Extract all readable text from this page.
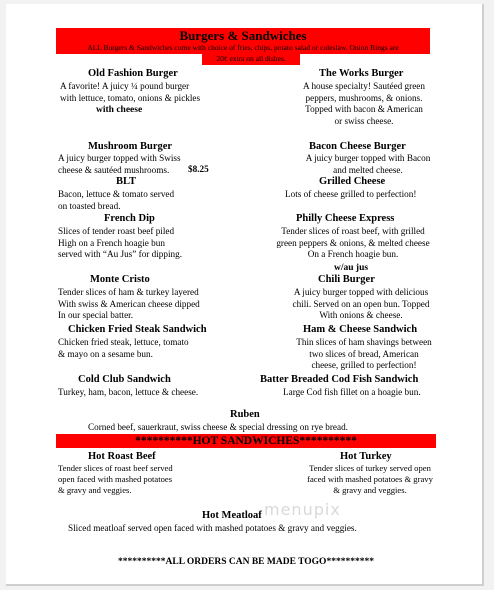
Burgers & Sandwiches
ALL Burgers & Sandwiches come with choice of fries, chips, potato salad or coleslaw. Onion Rings are
20¢ extra on all dishes.
Old Fashion Burger
A favorite! A juicy ¼ pound burger
with lettuce, tomato, onions & pickles
with cheese
The Works Burger
A house specialty! Sautéed green
peppers, mushrooms, & onions.
Topped with bacon & American
or swiss cheese.
Mushroom Burger
A juicy burger topped with Swiss
cheese & sautéed mushrooms.	$8.25
Bacon Cheese Burger
A juicy burger topped with Bacon
and melted cheese.
BLT
Bacon, lettuce & tomato served
on toasted bread.
Grilled Cheese
Lots of cheese grilled to perfection!
French Dip
Slices of tender roast beef piled
High on a French hoagie bun
served with “Au Jus” for dipping.
Philly Cheese Express
Tender slices of roast beef, with grilled
green peppers & onions, & melted cheese
On a French hoagie bun.
w/au jus
Monte Cristo
Tender slices of ham & turkey layered
With swiss & American cheese dipped
In our special batter.
Chili Burger
A juicy burger topped with delicious
chili. Served on an open bun. Topped
With onions & cheese.
Chicken Fried Steak Sandwich
Chicken fried steak, lettuce, tomato
& mayo on a sesame bun.
Ham & Cheese Sandwich
Thin slices of ham shavings between
two slices of bread, American
cheese, grilled to perfection!
Cold Club Sandwich
Turkey, ham, bacon, lettuce & cheese.
Batter Breaded Cod Fish Sandwich
Large Cod fish fillet on a hoagie bun.
Ruben
Corned beef, sauerkraut, swiss cheese & special dressing on rye bread.
**********HOT SANDWICHES**********
Hot Roast Beef
Tender slices of roast beef served
open faced with mashed potatoes
& gravy and veggies.
Hot Turkey
Tender slices of turkey served open
faced with mashed potatoes & gravy
& gravy and veggies.
Hot Meatloaf
Sliced meatloaf served open faced with mashed potatoes & gravy and veggies.
menupix
**********ALL ORDERS CAN BE MADE TOGO**********
